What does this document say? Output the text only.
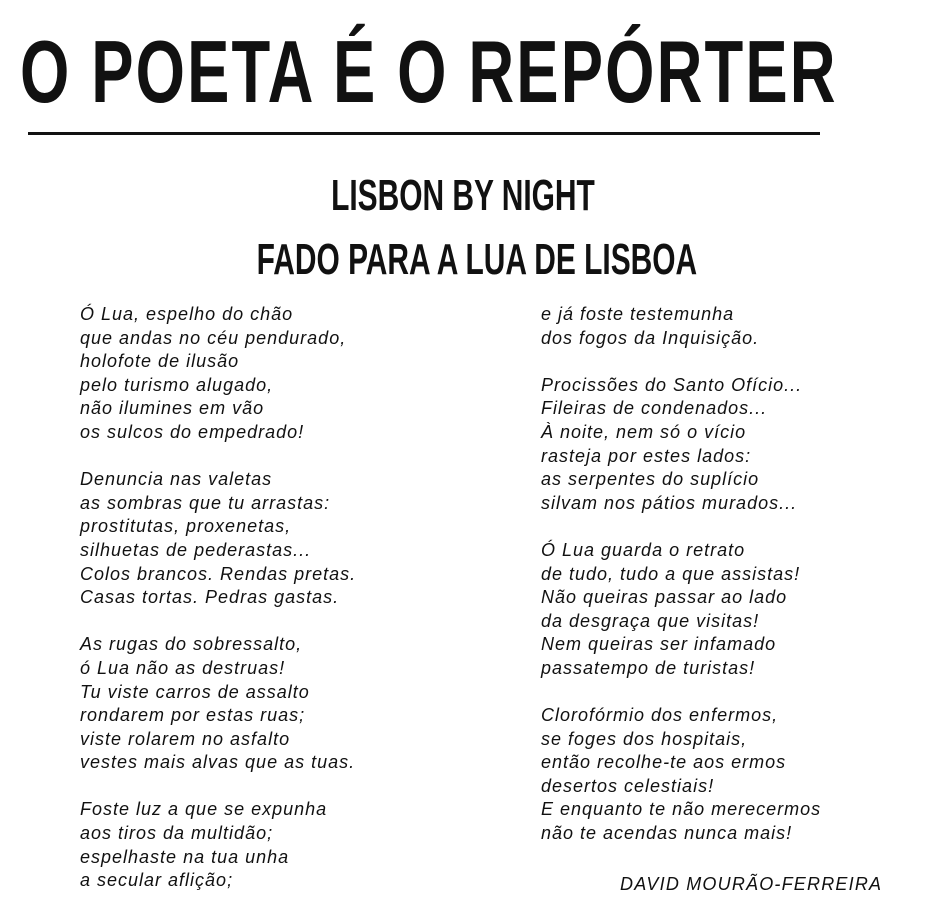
O POETA É O REPÓRTER
LISBON BY NIGHT
FADO PARA A LUA DE LISBOA
Ó Lua, espelho do chão
que andas no céu pendurado,
holofote de ilusão
pelo turismo alugado,
não ilumines em vão
os sulcos do empedrado!
Denuncia nas valetas
as sombras que tu arrastas:
prostitutas, proxenetas,
silhuetas de pederastas...
Colos brancos. Rendas pretas.
Casas tortas. Pedras gastas.
As rugas do sobressalto,
ó Lua não as destruas!
Tu viste carros de assalto
rondarem por estas ruas;
viste rolarem no asfalto
vestes mais alvas que as tuas.
Foste luz a que se expunha
aos tiros da multidão;
espelhaste na tua unha
a secular aflição;
e já foste testemunha
dos fogos da Inquisição.
Procissões do Santo Ofício...
Fileiras de condenados...
À noite, nem só o vício
rasteja por estes lados:
as serpentes do suplício
silvam nos pátios murados...
Ó Lua guarda o retrato
de tudo, tudo a que assistas!
Não queiras passar ao lado
da desgraça que visitas!
Nem queiras ser infamado
passatempo de turistas!
Clorofórmio dos enfermos,
se foges dos hospitais,
então recolhe-te aos ermos
desertos celestiais!
E enquanto te não merecermos
não te acendas nunca mais!
DAVID MOURÃO-FERREIRA
